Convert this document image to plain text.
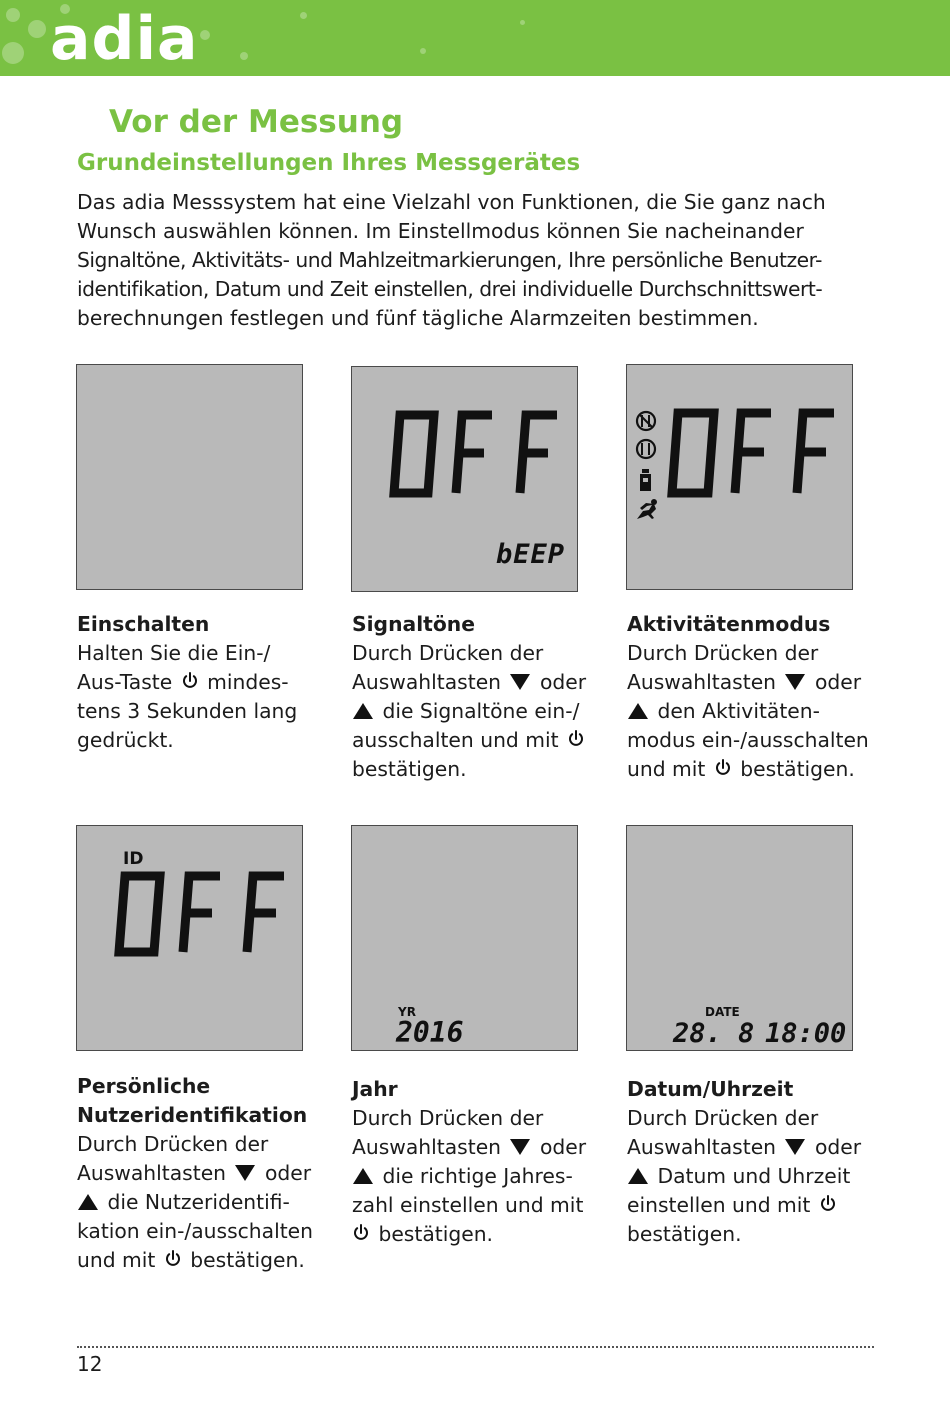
adia
Vor der Messung
Grundeinstellungen Ihres Messgerätes

Das adia Messsystem hat eine Vielzahl von Funktionen, die Sie ganz nach
Wunsch auswählen können. Im Einstellmodus können Sie nacheinander
Signaltöne, Aktivitäts- und Mahlzeitmarkierungen, Ihre persönliche Benutzer-
identifikation, Datum und Zeit einstellen, drei individuelle Durchschnittswert-
berechnungen festlegen und fünf tägliche Alarmzeiten bestimmen.

bEEP
Einschalten
Halten Sie die Ein-/
Aus-Taste mindes-
tens 3 Sekunden lang
gedrückt.
Signaltöne
Durch Drücken der
Auswahltasten oder
die Signaltöne ein-/
ausschalten und mit
bestätigen.
Aktivitätenmodus
Durch Drücken der
Auswahltasten oder
den Aktivitäten-
modus ein-/ausschalten
und mit bestätigen.
ID
YR
2016
DATE
28. 8 18:00
Persönliche
Nutzeridentifikation
Durch Drücken der
Auswahltasten oder
die Nutzeridentifi-
kation ein-/ausschalten
und mit bestätigen.
Jahr
Durch Drücken der
Auswahltasten oder
die richtige Jahres-
zahl einstellen und mit
bestätigen.
Datum/Uhrzeit
Durch Drücken der
Auswahltasten oder
Datum und Uhrzeit
einstellen und mit
bestätigen.
12
